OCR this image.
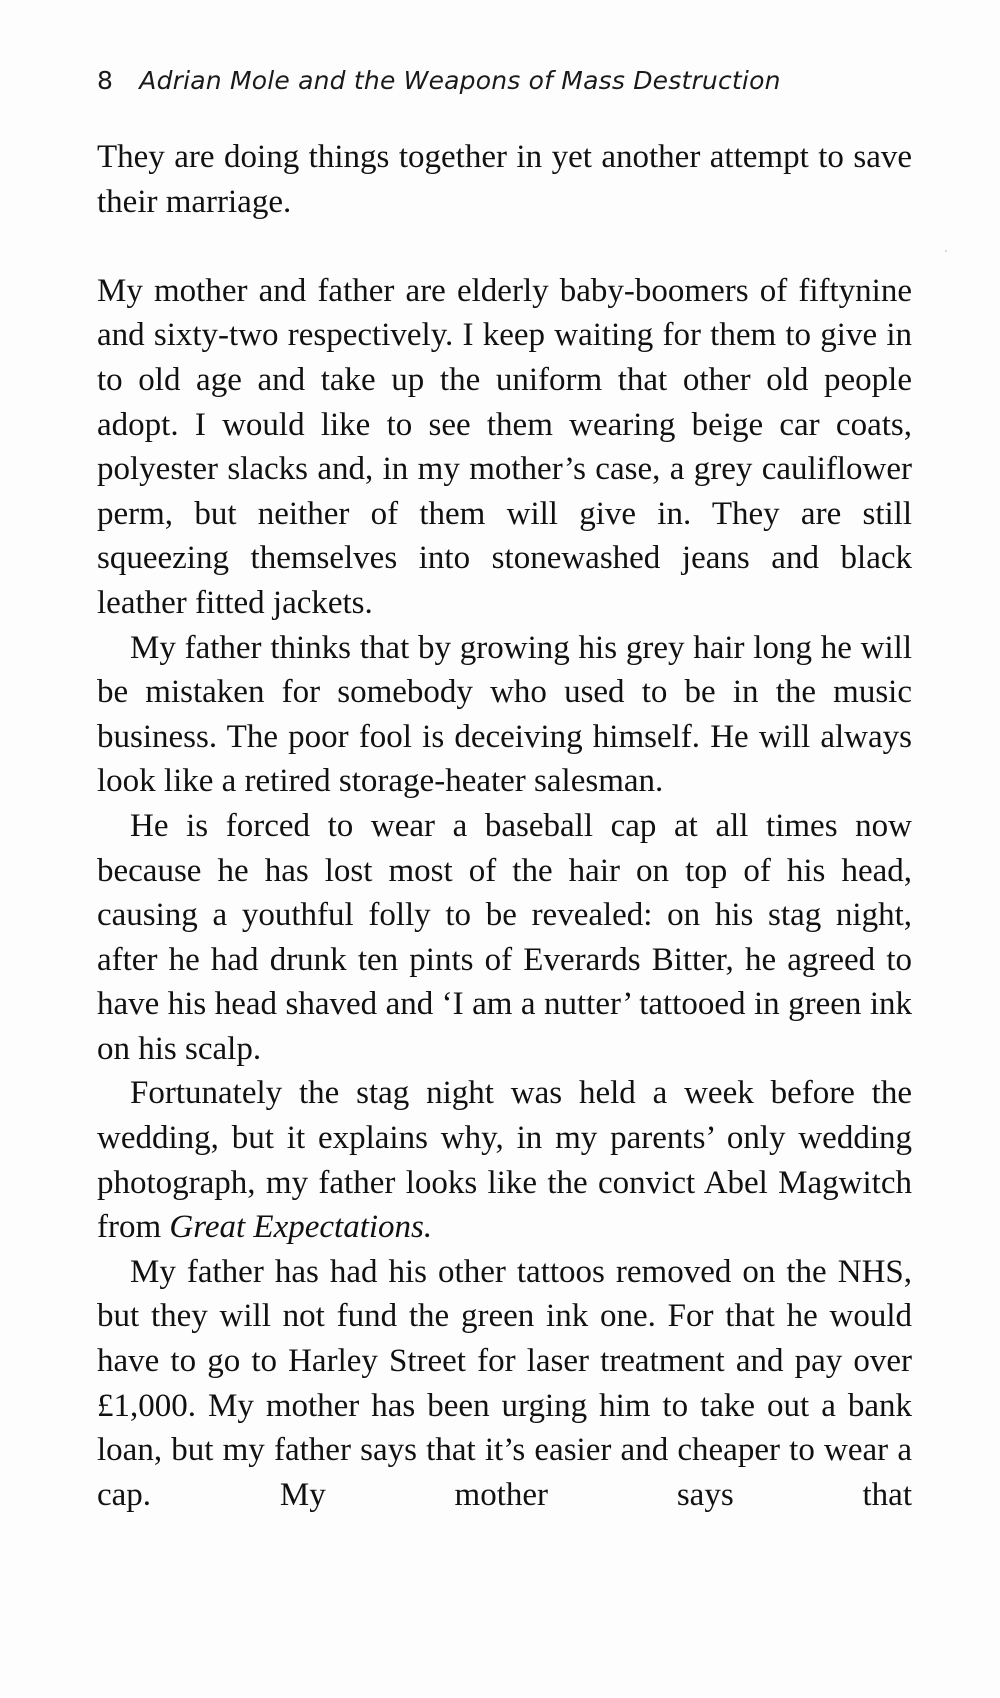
8 Adrian Mole and the Weapons of Mass Destruction

They are doing things together in yet another attempt to save their marriage.

My mother and father are elderly baby-boomers of fiftynine and sixty-two respectively. I keep waiting for them to give in to old age and take up the uniform that other old people adopt. I would like to see them wearing beige car coats, polyester slacks and, in my mother’s case, a grey cauliflower perm, but neither of them will give in. They are still squeezing themselves into stonewashed jeans and black leather fitted jackets.

My father thinks that by growing his grey hair long he will be mistaken for somebody who used to be in the music business. The poor fool is deceiving himself. He will always look like a retired storage-heater salesman.

He is forced to wear a baseball cap at all times now because he has lost most of the hair on top of his head, causing a youthful folly to be revealed: on his stag night, after he had drunk ten pints of Everards Bitter, he agreed to have his head shaved and ‘I am a nutter’ tattooed in green ink on his scalp.

Fortunately the stag night was held a week before the wedding, but it explains why, in my parents’ only wedding photograph, my father looks like the convict Abel Magwitch from Great Expectations.

My father has had his other tattoos removed on the NHS, but they will not fund the green ink one. For that he would have to go to Harley Street for laser treatment and pay over £1,000. My mother has been urging him to take out a bank loan, but my father says that it’s easier and cheaper to wear a cap. My mother says that
